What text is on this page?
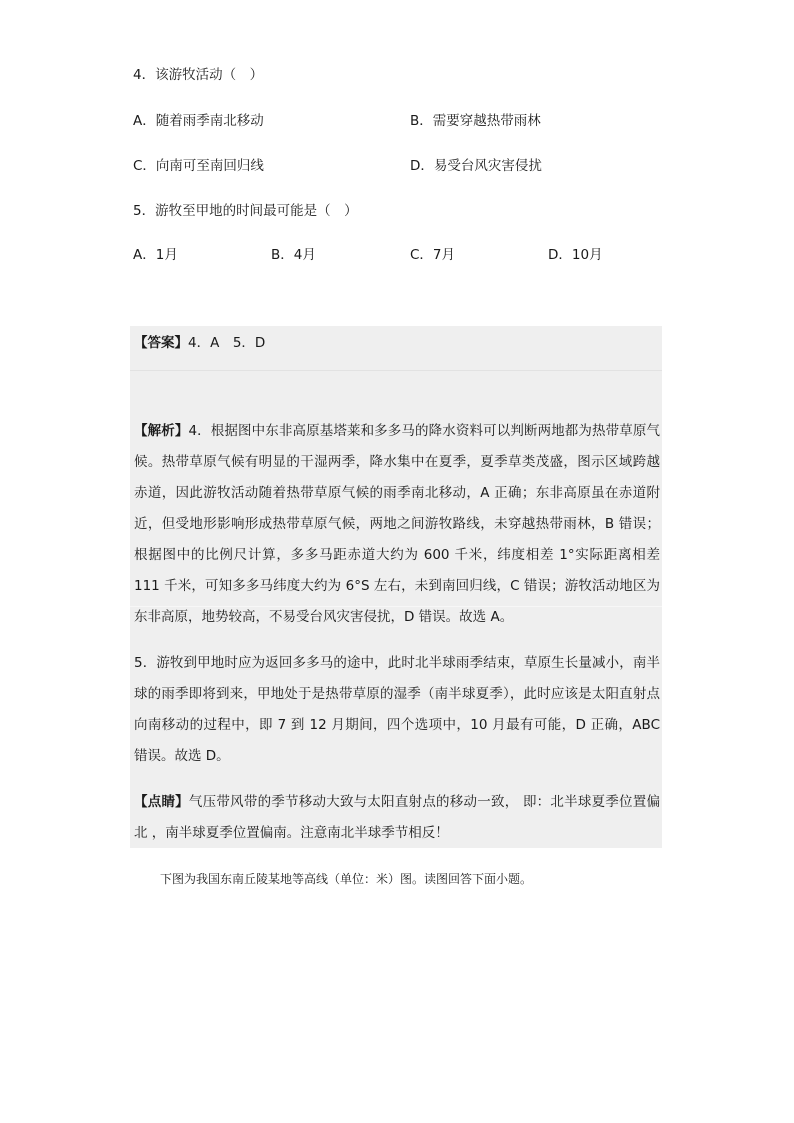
4．该游牧活动（　）
A．随着雨季南北移动	B．需要穿越热带雨林
C．向南可至南回归线	D．易受台风灾害侵扰
5．游牧至甲地的时间最可能是（　）
A．1月	B．4月	C．7月	D．10月
【答案】4．A　5．D
【解析】4．根据图中东非高原基塔莱和多多马的降水资料可以判断两地都为热带草原气候。热带草原气候有明显的干湿两季，降水集中在夏季，夏季草类茂盛，图示区域跨越赤道，因此游牧活动随着热带草原气候的雨季南北移动，A 正确；东非高原虽在赤道附近，但受地形影响形成热带草原气候，两地之间游牧路线，未穿越热带雨林，B 错误；根据图中的比例尺计算，多多马距赤道大约为 600 千米，纬度相差 1°实际距离相差 111 千米，可知多多马纬度大约为 6°S 左右，未到南回归线，C 错误；游牧活动地区为东非高原，地势较高，不易受台风灾害侵扰，D 错误。故选 A。
5．游牧到甲地时应为返回多多马的途中，此时北半球雨季结束，草原生长量减小，南半球的雨季即将到来，甲地处于是热带草原的湿季（南半球夏季），此时应该是太阳直射点向南移动的过程中，即 7 到 12 月期间，四个选项中，10 月最有可能，D 正确，ABC 错误。故选 D。
【点睛】气压带风带的季节移动大致与太阳直射点的移动一致， 即：北半球夏季位置偏北 ，南半球夏季位置偏南。注意南北半球季节相反！
下图为我国东南丘陵某地等高线（单位：米）图。读图回答下面小题。
